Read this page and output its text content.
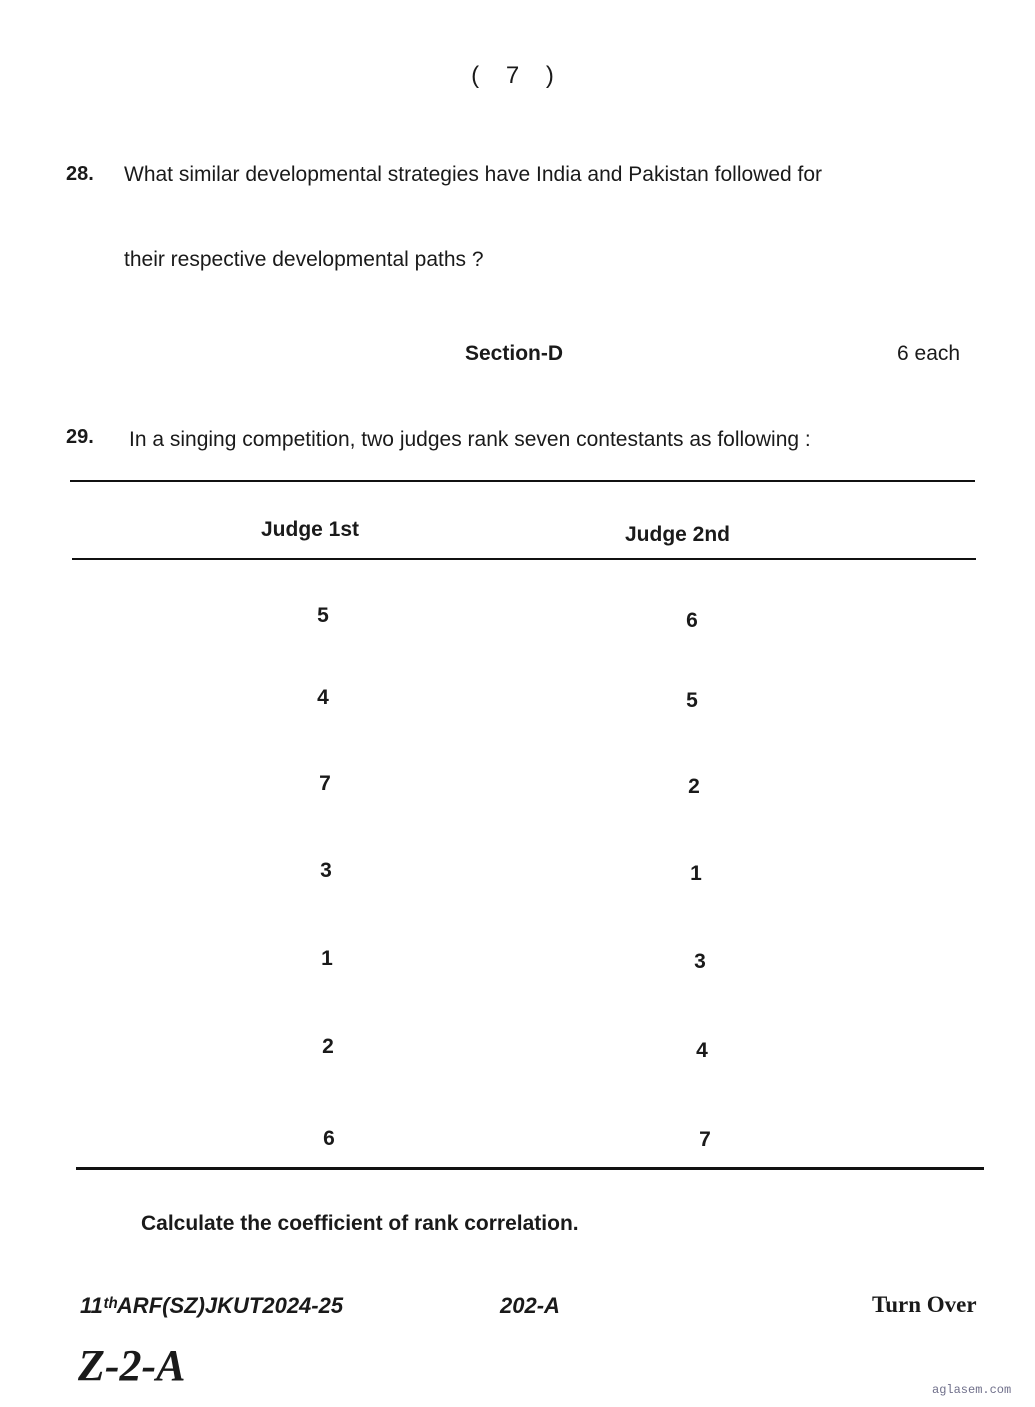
( 7 )
28. What similar developmental strategies have India and Pakistan followed for
their respective developmental paths ?
Section-D	6 each
29. In a singing competition, two judges rank seven contestants as following :
Judge 1st	Judge 2nd
5	6
4	5
7	2
3	1
1	3
2	4
6	7
Calculate the coefficient of rank correlation.
11ᵗʰARF(SZ)JKUT2024-25	202-A	Turn Over
Z-2-A	aglasem.com
